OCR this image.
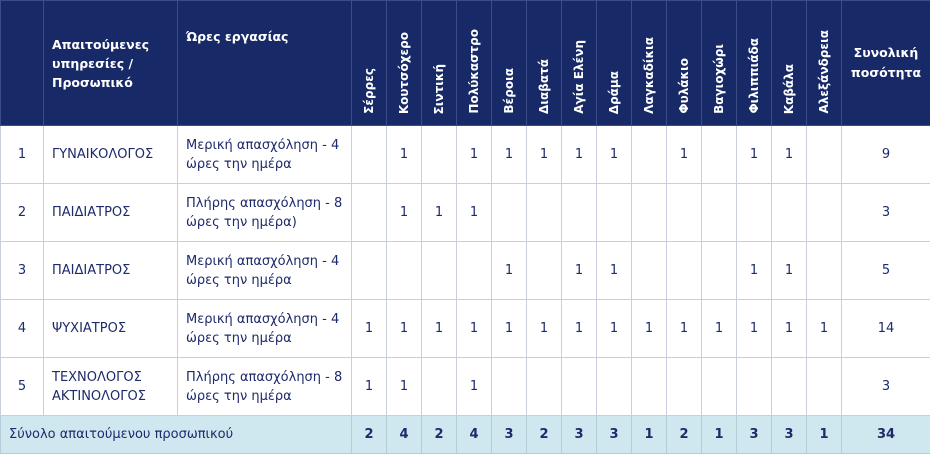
	Απαιτούμενες υπηρεσίες / Προσωπικό	Ώρες εργασίας	Σέρρες	Κουτσόχερο	Σιντική	Πολύκαστρο	Βέροια	Διαβατά	Αγία Ελένη	Δράμα	Λαγκαδίκια	Φυλάκιο	Βαγιοχώρι	Φιλιππιάδα	Καβάλα	Αλεξάνδρεια	Συνολική ποσότητα
1	ΓΥΝΑΙΚΟΛΟΓΟΣ	Μερική απασχόληση - 4 ώρες την ημέρα		1		1	1	1	1	1		1		1	1		9
2	ΠΑΙΔΙΑΤΡΟΣ	Πλήρης απασχόληση - 8 ώρες την ημέρα)		1	1	1											3
3	ΠΑΙΔΙΑΤΡΟΣ	Μερική απασχόληση - 4 ώρες την ημέρα					1		1	1				1	1		5
4	ΨΥΧΙΑΤΡΟΣ	Μερική απασχόληση - 4 ώρες την ημέρα	1	1	1	1	1	1	1	1	1	1	1	1	1	1	14
5	ΤΕΧΝΟΛΟΓΟΣ ΑΚΤΙΝΟΛΟΓΟΣ	Πλήρης απασχόληση - 8 ώρες την ημέρα	1	1		1											3
Σύνολο απαιτούμενου προσωπικού			2	4	2	4	3	2	3	3	1	2	1	3	3	1	34
